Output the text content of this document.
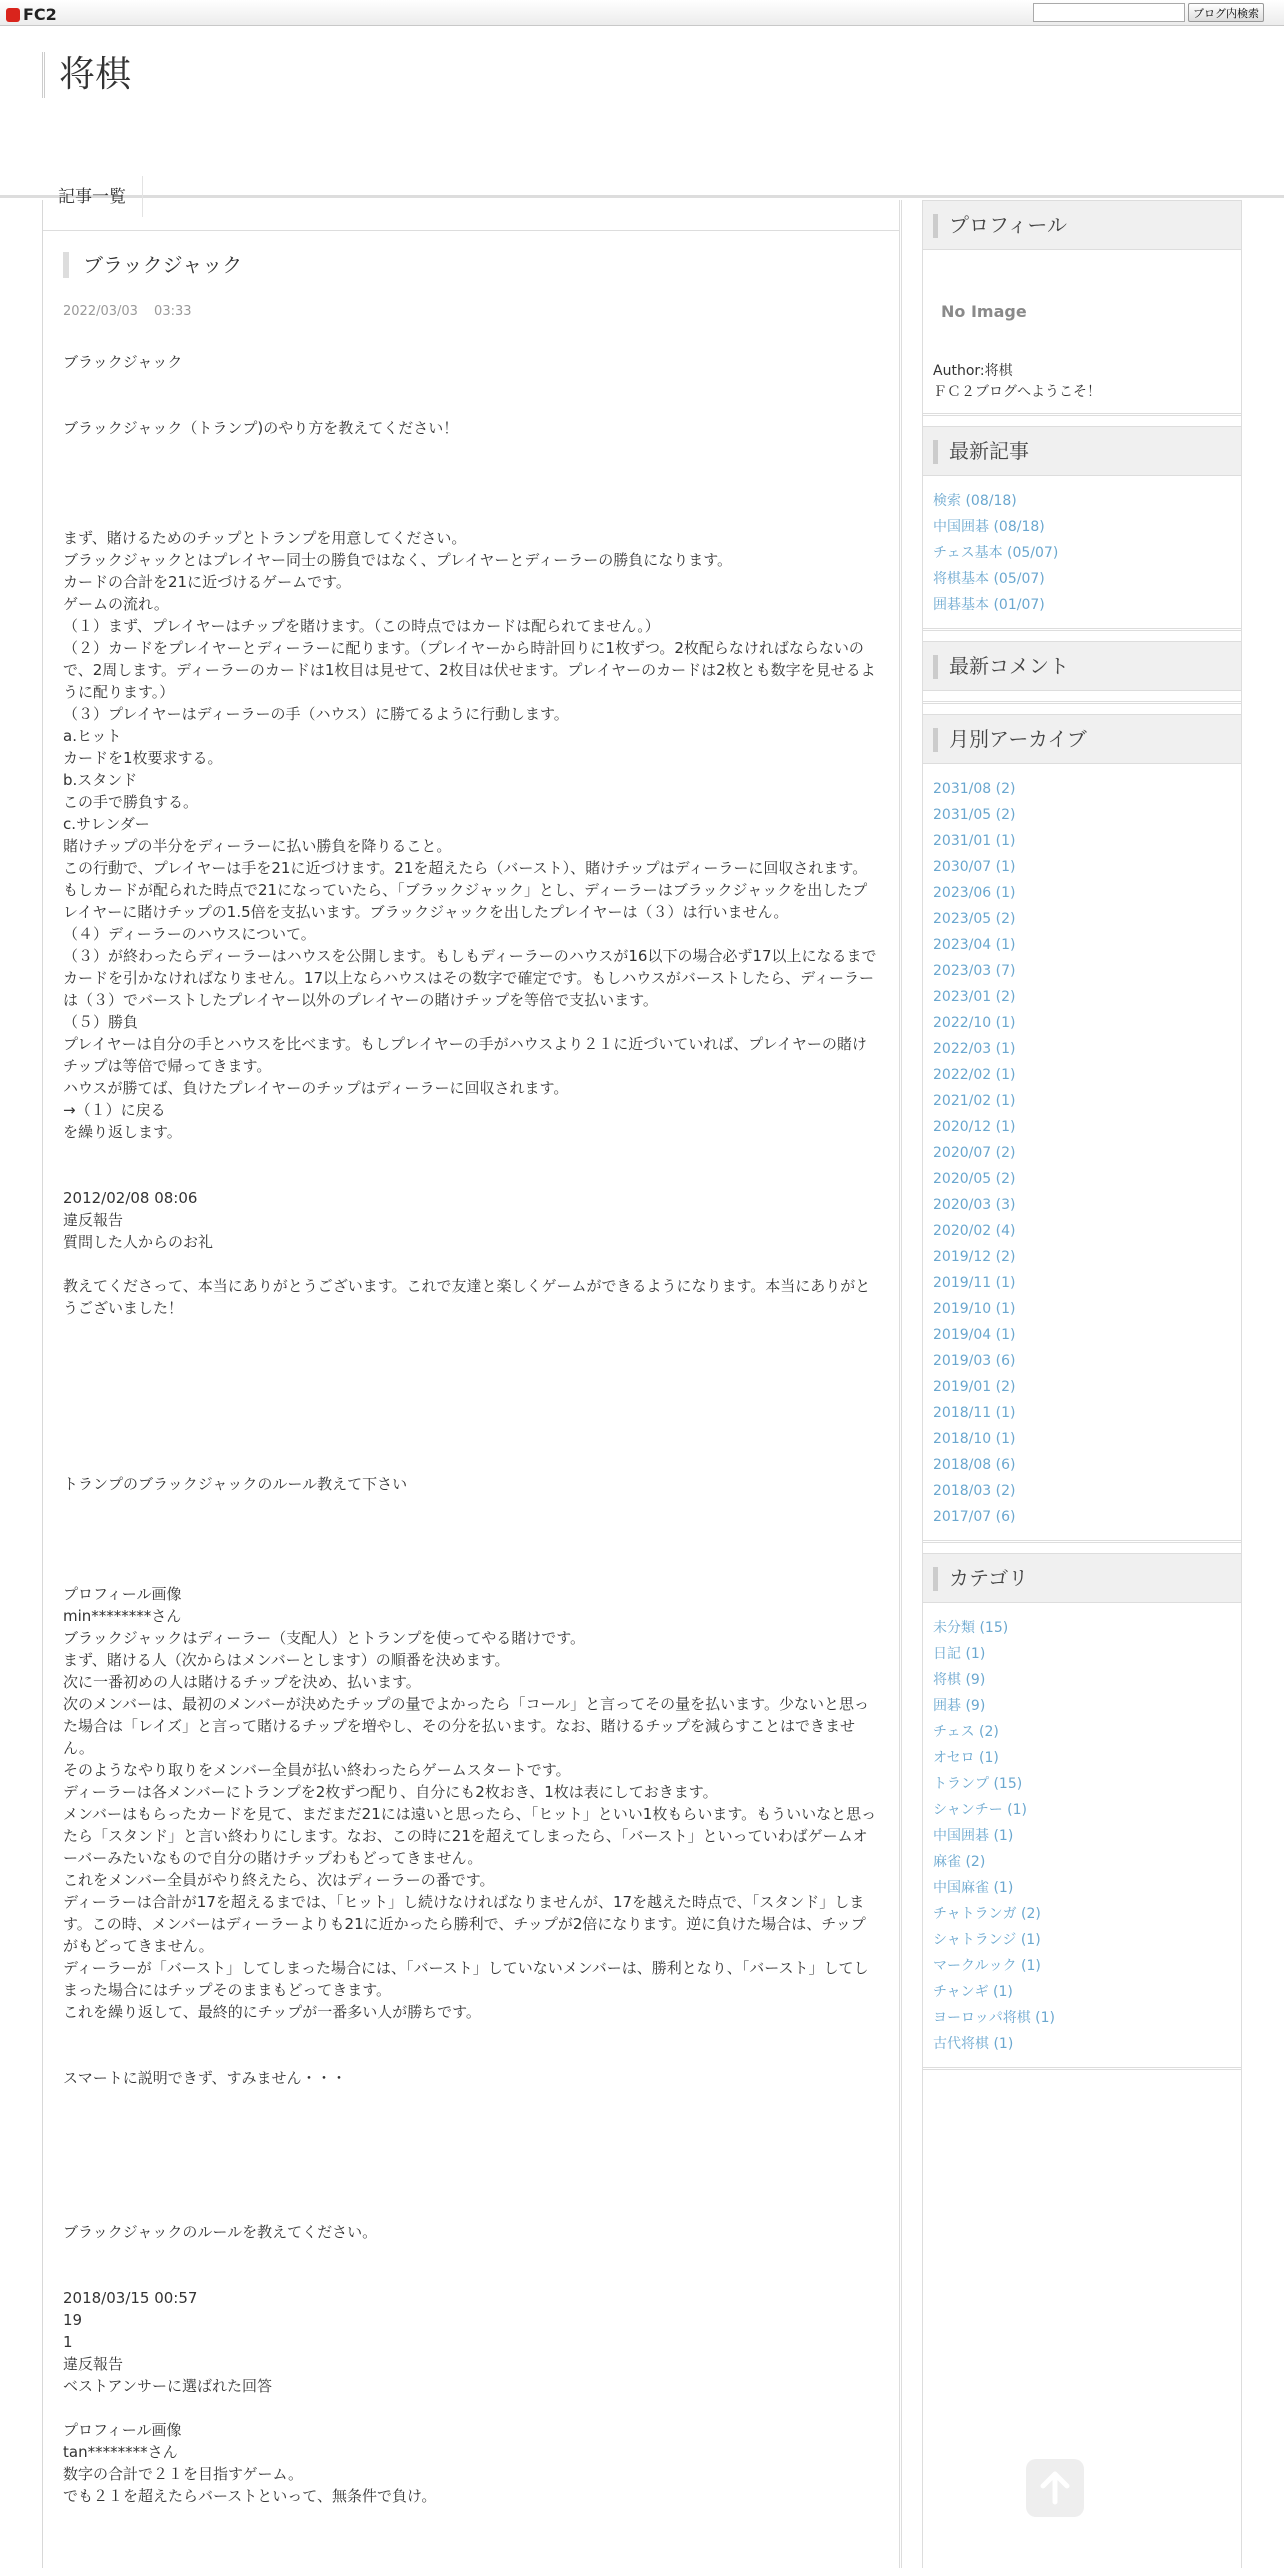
FC2	ブログ内検索
将棋
記事一覧
ブラックジャック
2022/03/03 03:33

ブラックジャック

ブラックジャック（トランプ)のやり方を教えてください！

まず、賭けるためのチップとトランプを用意してください。

ブラックジャックとはプレイヤー同士の勝負ではなく、プレイヤーとディーラーの勝負になります。

カードの合計を21に近づけるゲームです。

ゲームの流れ。

（１）まず、プレイヤーはチップを賭けます。（この時点ではカードは配られてません。）

（２）カードをプレイヤーとディーラーに配ります。（プレイヤーから時計回りに1枚ずつ。2枚配らなければならないので、2周します。ディーラーのカードは1枚目は見せて、2枚目は伏せます。プレイヤーのカードは2枚とも数字を見せるように配ります。）

（３）プレイヤーはディーラーの手（ハウス）に勝てるように行動します。

a.ヒット

カードを1枚要求する。

b.スタンド

この手で勝負する。

c.サレンダー

賭けチップの半分をディーラーに払い勝負を降りること。

この行動で、プレイヤーは手を21に近づけます。21を超えたら（バースト）、賭けチップはディーラーに回収されます。

もしカードが配られた時点で21になっていたら、「ブラックジャック」とし、ディーラーはブラックジャックを出したプレイヤーに賭けチップの1.5倍を支払います。ブラックジャックを出したプレイヤーは（３）は行いません。

（４）ディーラーのハウスについて。

（３）が終わったらディーラーはハウスを公開します。もしもディーラーのハウスが16以下の場合必ず17以上になるまでカードを引かなければなりません。17以上ならハウスはその数字で確定です。もしハウスがバーストしたら、ディーラーは（３）でバーストしたプレイヤー以外のプレイヤーの賭けチップを等倍で支払います。

（５）勝負

プレイヤーは自分の手とハウスを比べます。もしプレイヤーの手がハウスより２１に近づいていれば、プレイヤーの賭けチップは等倍で帰ってきます。

ハウスが勝てば、負けたプレイヤーのチップはディーラーに回収されます。

→（１）に戻る

を繰り返します。

2012/02/08 08:06

違反報告

質問した人からのお礼

教えてくださって、本当にありがとうございます。これで友達と楽しくゲームができるようになります。本当にありがとうございました！

トランプのブラックジャックのルール教えて下さい

プロフィール画像

min********さん

ブラックジャックはディーラー（支配人）とトランプを使ってやる賭けです。

まず、賭ける人（次からはメンバーとします）の順番を決めます。

次に一番初めの人は賭けるチップを決め、払います。

次のメンバーは、最初のメンバーが決めたチップの量でよかったら「コール」と言ってその量を払います。少ないと思った場合は「レイズ」と言って賭けるチップを増やし、その分を払います。なお、賭けるチップを減らすことはできません。

そのようなやり取りをメンバー全員が払い終わったらゲームスタートです。

ディーラーは各メンバーにトランプを2枚ずつ配り、自分にも2枚おき、1枚は表にしておきます。

メンバーはもらったカードを見て、まだまだ21には遠いと思ったら、「ヒット」といい1枚もらいます。もういいなと思ったら「スタンド」と言い終わりにします。なお、この時に21を超えてしまったら、「バースト」といっていわばゲームオーバーみたいなもので自分の賭けチップわもどってきません。

これをメンバー全員がやり終えたら、次はディーラーの番です。

ディーラーは合計が17を超えるまでは、「ヒット」し続けなければなりませんが、17を越えた時点で、「スタンド」します。この時、メンバーはディーラーよりも21に近かったら勝利で、チップが2倍になります。逆に負けた場合は、チップがもどってきません。

ディーラーが「バースト」してしまった場合には、「バースト」していないメンバーは、勝利となり、「バースト」してしまった場合にはチップそのままもどってきます。

これを繰り返して、最終的にチップが一番多い人が勝ちです。

スマートに説明できず、すみません・・・

ブラックジャックのルールを教えてください。

2018/03/15 00:57

19

1

違反報告

ベストアンサーに選ばれた回答

プロフィール画像

tan********さん

数字の合計で２１を目指すゲーム。

でも２１を超えたらバーストといって、無条件で負け。

プロフィール
No Image
Author:将棋
ＦＣ２ブログへようこそ！
最新記事
検索 (08/18)
中国囲碁 (08/18)
チェス基本 (05/07)
将棋基本 (05/07)
囲碁基本 (01/07)
最新コメント
月別アーカイブ
2031/08 (2)
2031/05 (2)
2031/01 (1)
2030/07 (1)
2023/06 (1)
2023/05 (2)
2023/04 (1)
2023/03 (7)
2023/01 (2)
2022/10 (1)
2022/03 (1)
2022/02 (1)
2021/02 (1)
2020/12 (1)
2020/07 (2)
2020/05 (2)
2020/03 (3)
2020/02 (4)
2019/12 (2)
2019/11 (1)
2019/10 (1)
2019/04 (1)
2019/03 (6)
2019/01 (2)
2018/11 (1)
2018/10 (1)
2018/08 (6)
2018/03 (2)
2017/07 (6)
カテゴリ
未分類 (15)
日記 (1)
将棋 (9)
囲碁 (9)
チェス (2)
オセロ (1)
トランプ (15)
シャンチー (1)
中国囲碁 (1)
麻雀 (2)
中国麻雀 (1)
チャトランガ (2)
シャトランジ (1)
マークルック (1)
チャンギ (1)
ヨーロッパ将棋 (1)
古代将棋 (1)
